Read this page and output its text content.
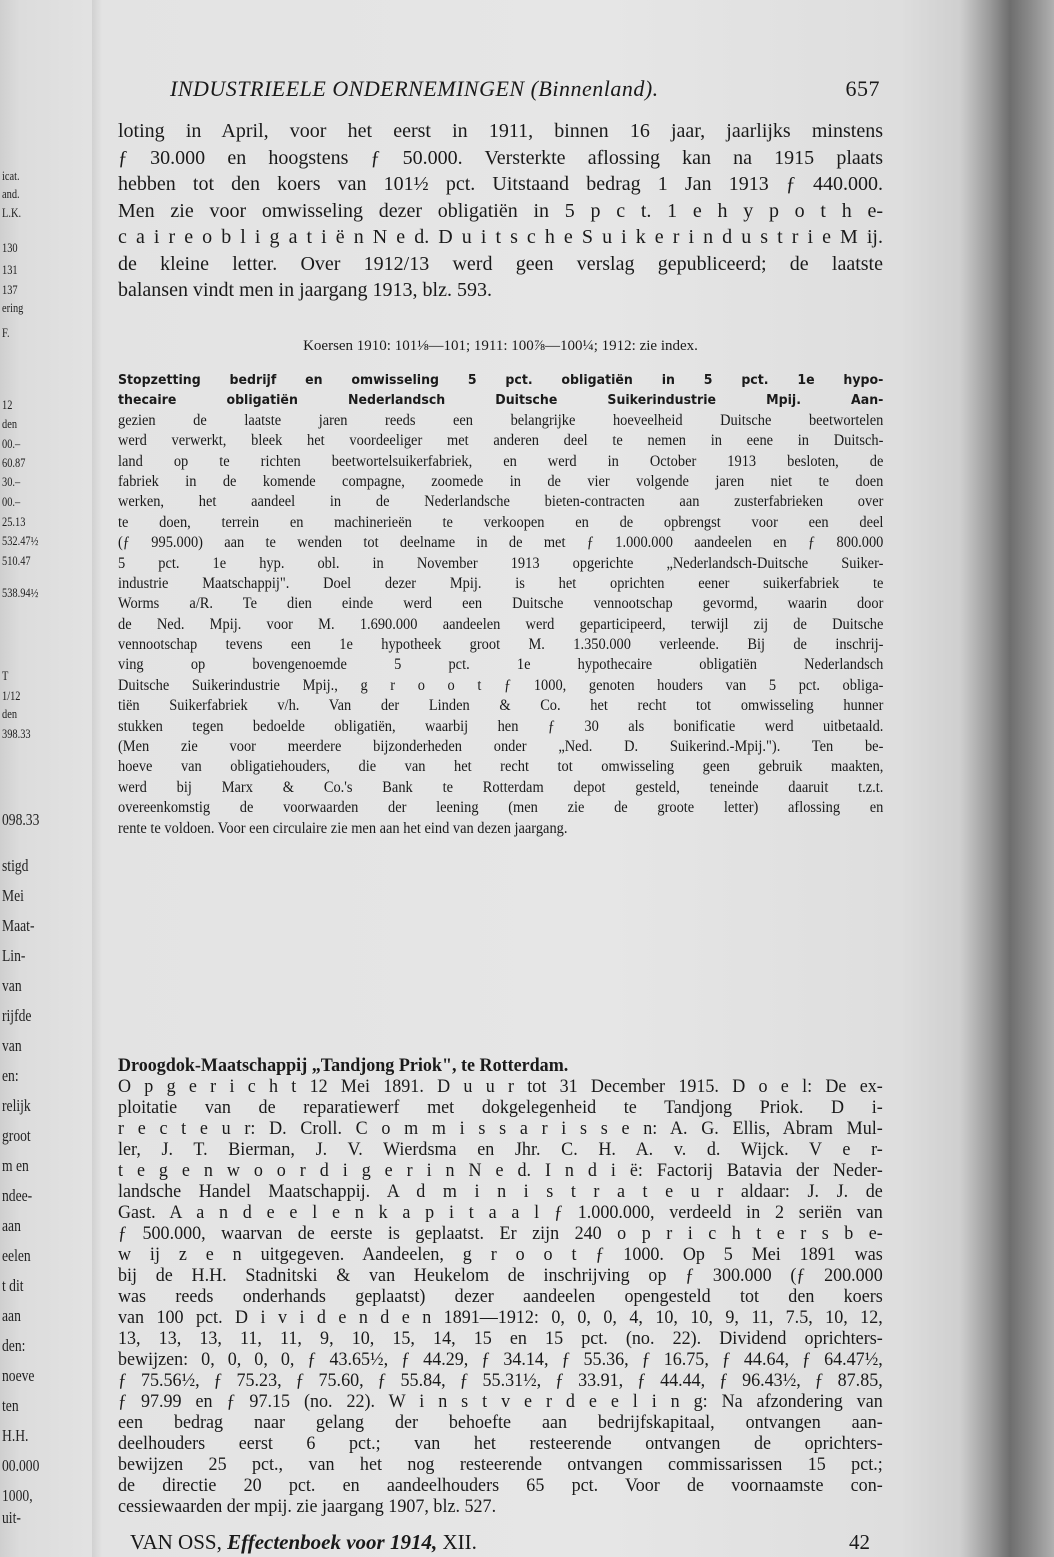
icat.
and.
L.K.
130
131
137
ering
F.
12
den
00.–
60.87
30.–
00.–
25.13
532.47½
510.47
538.94½
T
1/12
den
398.33
098.33
stigd
Mei
Maat-
Lin-
van
rijfde
van
en:
relijk
groot
m en
ndee-
aan
eelen
t dit
aan
den:
noeve
ten
H.H.
00.000
1000,
uit-
INDUSTRIEELE ONDERNEMINGEN (Binnenland).	657
loting in April, voor het eerst in 1911, binnen 16 jaar, jaarlijks minstens
ƒ 30.000 en hoogstens ƒ 50.000. Versterkte aflossing kan na 1915 plaats
hebben tot den koers van 101½ pct. Uitstaand bedrag 1 Jan 1913 ƒ 440.000.
Men zie voor omwisseling dezer obligatiën in 5 p c t. 1 e h y p o t h e-
c a i r e o b l i g a t i ë n N e d. D u i t s c h e S u i k e r i n d u s t r i e M ij.
de kleine letter. Over 1912/13 werd geen verslag gepubliceerd; de laatste
balansen vindt men in jaargang 1913, blz. 593.
Koersen 1910: 101⅛—101; 1911: 100⅞—100¼; 1912: zie index.
Stopzetting bedrijf en omwisseling 5 pct. obligatiën in 5 pct. 1e hypo-
thecaire obligatiën Nederlandsch Duitsche Suikerindustrie Mpij. Aan-
gezien de laatste jaren reeds een belangrijke hoeveelheid Duitsche beetwortelen
werd verwerkt, bleek het voordeeliger met anderen deel te nemen in eene in Duitsch-
land op te richten beetwortelsuikerfabriek, en werd in October 1913 besloten, de
fabriek in de komende compagne, zoomede in de vier volgende jaren niet te doen
werken, het aandeel in de Nederlandsche bieten-contracten aan zusterfabrieken over
te doen, terrein en machinerieën te verkoopen en de opbrengst voor een deel
(ƒ 995.000) aan te wenden tot deelname in de met ƒ 1.000.000 aandeelen en ƒ 800.000
5 pct. 1e hyp. obl. in November 1913 opgerichte „Nederlandsch-Duitsche Suiker-
industrie Maatschappij". Doel dezer Mpij. is het oprichten eener suikerfabriek te
Worms a/R. Te dien einde werd een Duitsche vennootschap gevormd, waarin door
de Ned. Mpij. voor M. 1.690.000 aandeelen werd geparticipeerd, terwijl zij de Duitsche
vennootschap tevens een 1e hypotheek groot M. 1.350.000 verleende. Bij de inschrij-
ving op bovengenoemde 5 pct. 1e hypothecaire obligatiën Nederlandsch
Duitsche Suikerindustrie Mpij., g r o o t ƒ 1000, genoten houders van 5 pct. obliga-
tiën Suikerfabriek v/h. Van der Linden & Co. het recht tot omwisseling hunner
stukken tegen bedoelde obligatiën, waarbij hen ƒ 30 als bonificatie werd uitbetaald.
(Men zie voor meerdere bijzonderheden onder „Ned. D. Suikerind.-Mpij."). Ten be-
hoeve van obligatiehouders, die van het recht tot omwisseling geen gebruik maakten,
werd bij Marx & Co.'s Bank te Rotterdam depot gesteld, teneinde daaruit t.z.t.
overeenkomstig de voorwaarden der leening (men zie de groote letter) aflossing en
rente te voldoen. Voor een circulaire zie men aan het eind van dezen jaargang.
Droogdok-Maatschappij „Tandjong Priok", te Rotterdam.
O p g e r i c h t 12 Mei 1891. D u u r tot 31 December 1915. D o e l: De ex-
ploitatie van de reparatiewerf met dokgelegenheid te Tandjong Priok. D i-
r e c t e u r: D. Croll. C o m m i s s a r i s s e n: A. G. Ellis, Abram Mul-
ler, J. T. Bierman, J. V. Wierdsma en Jhr. C. H. A. v. d. Wijck. V e r-
t e g e n w o o r d i g e r i n N e d. I n d i ë: Factorij Batavia der Neder-
landsche Handel Maatschappij. A d m i n i s t r a t e u r aldaar: J. J. de
Gast. A a n d e e l e n k a p i t a a l ƒ 1.000.000, verdeeld in 2 seriën van
ƒ 500.000, waarvan de eerste is geplaatst. Er zijn 240 o p r i c h t e r s b e-
w ij z e n uitgegeven. Aandeelen, g r o o t ƒ 1000. Op 5 Mei 1891 was
bij de H.H. Stadnitski & van Heukelom de inschrijving op ƒ 300.000 (ƒ 200.000
was reeds onderhands geplaatst) dezer aandeelen opengesteld tot den koers
van 100 pct. D i v i d e n d e n 1891—1912: 0, 0, 0, 4, 10, 10, 9, 11, 7.5, 10, 12,
13, 13, 13, 11, 11, 9, 10, 15, 14, 15 en 15 pct. (no. 22). Dividend oprichters-
bewijzen: 0, 0, 0, 0, ƒ 43.65½, ƒ 44.29, ƒ 34.14, ƒ 55.36, ƒ 16.75, ƒ 44.64, ƒ 64.47½,
ƒ 75.56½, ƒ 75.23, ƒ 75.60, ƒ 55.84, ƒ 55.31½, ƒ 33.91, ƒ 44.44, ƒ 96.43½, ƒ 87.85,
ƒ 97.99 en ƒ 97.15 (no. 22). W i n s t v e r d e e l i n g: Na afzondering van
een bedrag naar gelang der behoefte aan bedrijfskapitaal, ontvangen aan-
deelhouders eerst 6 pct.; van het resteerende ontvangen de oprichters-
bewijzen 25 pct., van het nog resteerende ontvangen commissarissen 15 pct.;
de directie 20 pct. en aandeelhouders 65 pct. Voor de voornaamste con-
cessiewaarden der mpij. zie jaargang 1907, blz. 527.
VAN OSS, Effectenboek voor 1914, XII.	42
